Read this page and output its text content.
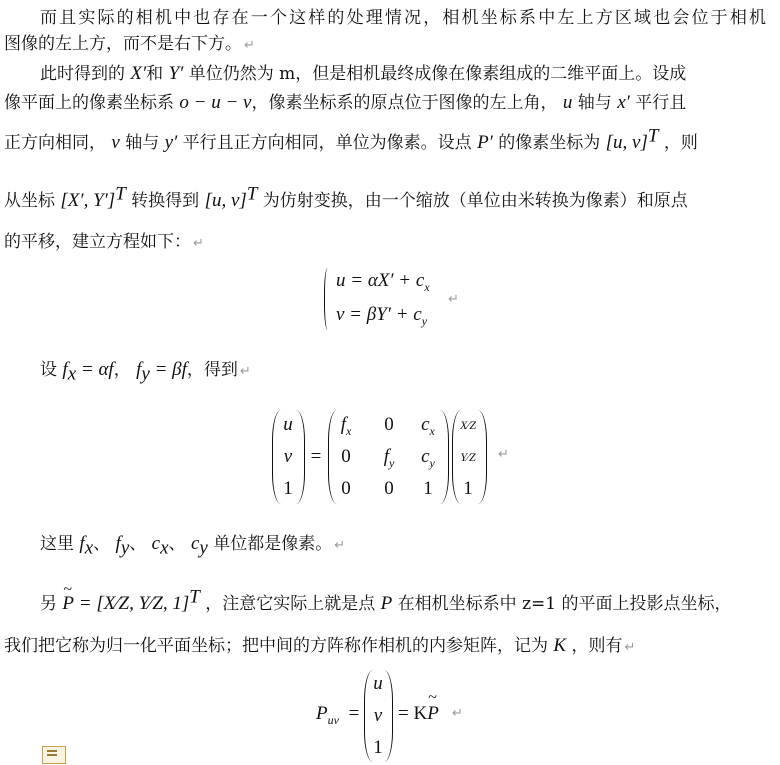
而且实际的相机中也存在一个这样的处理情况，相机坐标系中左上方区域也会位于相机
图像的左上方，而不是右下方。 ↵
此时得到的 X′和 Y′ 单位仍然为 m，但是相机最终成像在像素组成的二维平面上。设成
像平面上的像素坐标系 o − u − v，像素坐标系的原点位于图像的左上角， u 轴与 x′ 平行且
正方向相同， v 轴与 y′ 平行且正方向相同，单位为像素。设点 P′ 的像素坐标为 [u, v]$^T$ ，则
从坐标 [X′, Y′]$^T$ 转换得到 [u, v]$^T$ 为仿射变换，由一个缩放（单位由米转换为像素）和原点
的平移，建立方程如下： ↵
$u = \alpha X' + c_x$
$v = \beta Y' + c_y$
↵
设 $f_x = \alpha f$， $f_y = \beta f$，得到 ↵
u
v
1
=
$f_x$	0	$c_x$
0	$f_y$	$c_y$
0	0	1
X⁄Z
Y⁄Z
1
↵
这里 $f_x$、 $f_y$、 $c_x$、 $c_y$ 单位都是像素。 ↵
另 ~ P = [X⁄Z, Y⁄Z, 1]$^T$ ，注意它实际上就是点 P 在相机坐标系中 z=1 的平面上投影点坐标，
我们把它称为归一化平面坐标；把中间的方阵称作相机的内参矩阵，记为 K ，则有 ↵
$P_{uv}$ =
u
v
1
= K~ P ↵
